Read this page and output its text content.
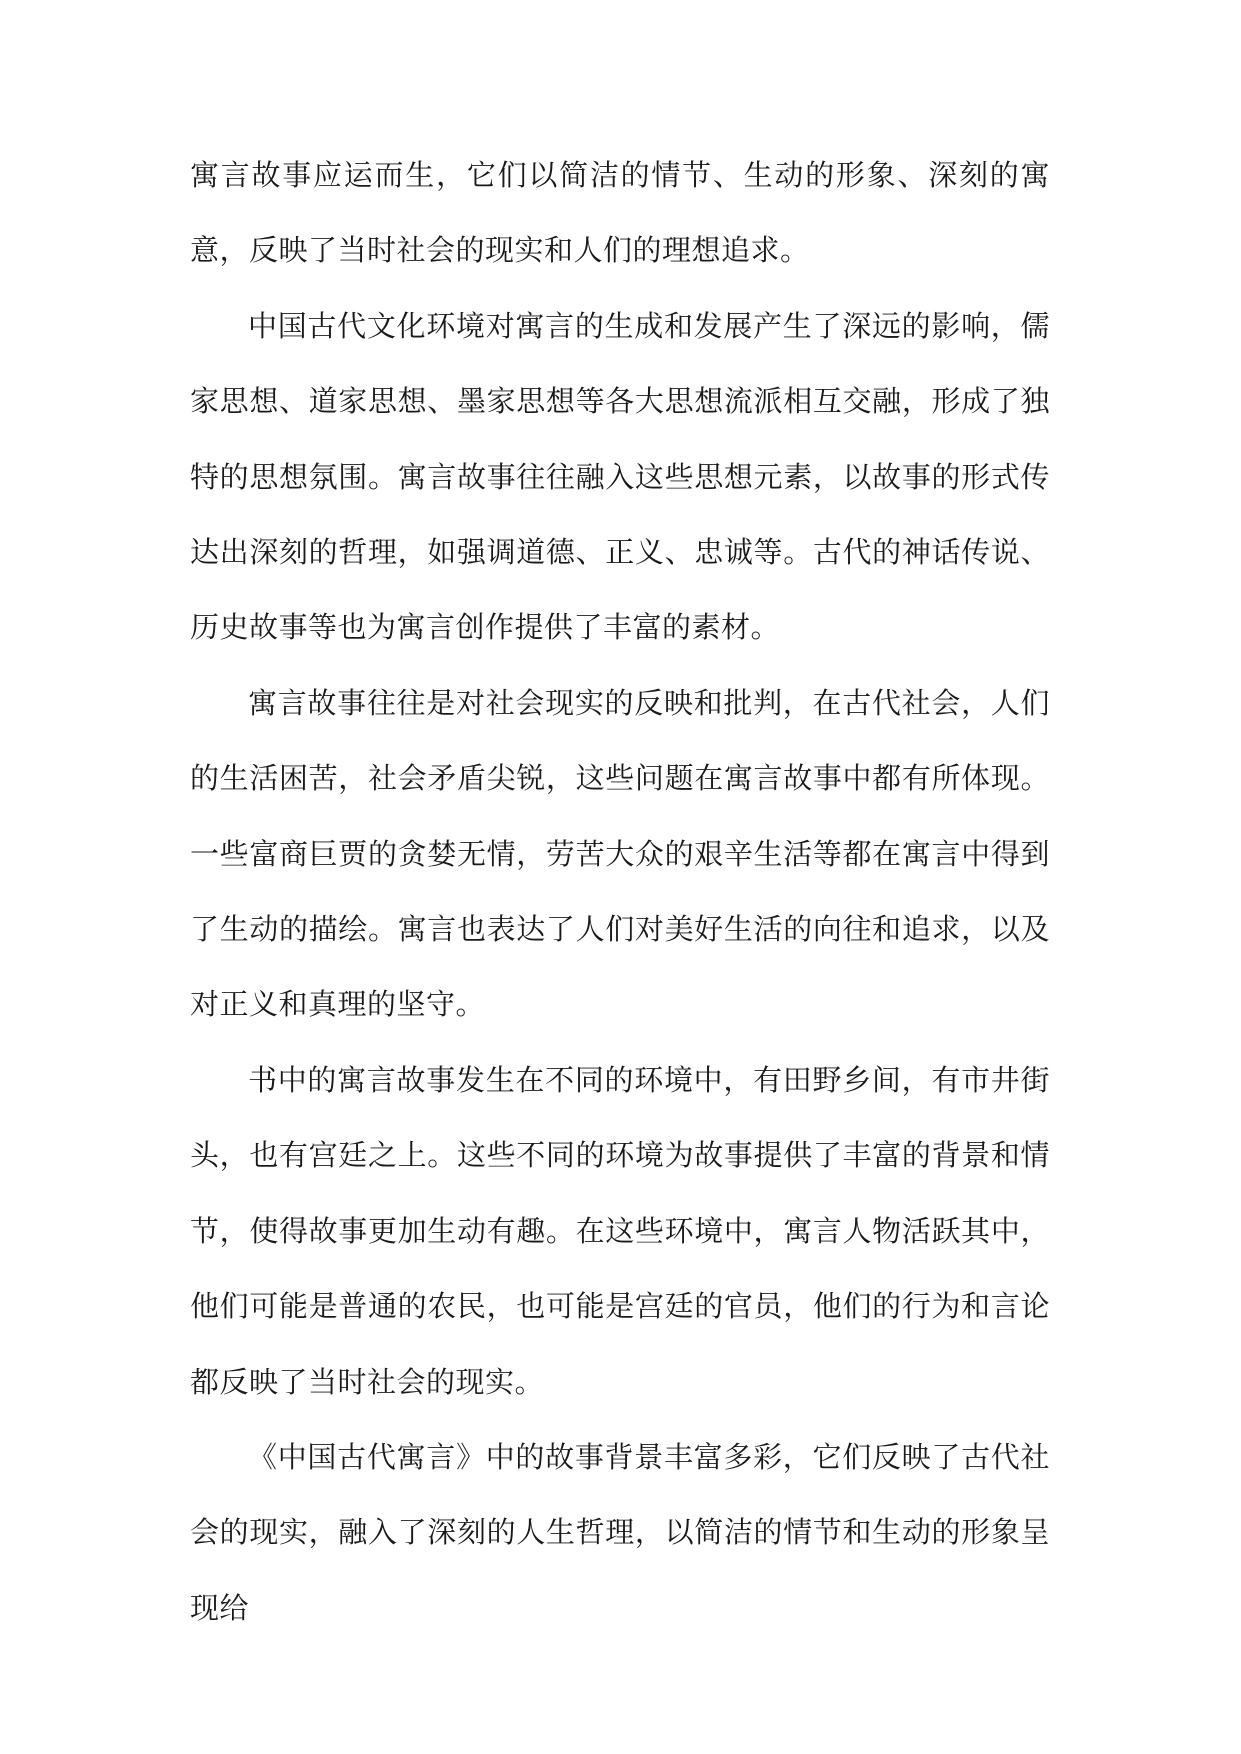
寓言故事应运而生，它们以简洁的情节、生动的形象、深刻的寓意，反映了当时社会的现实和人们的理想追求。

中国古代文化环境对寓言的生成和发展产生了深远的影响，儒家思想、道家思想、墨家思想等各大思想流派相互交融，形成了独特的思想氛围。寓言故事往往融入这些思想元素，以故事的形式传达出深刻的哲理，如强调道德、正义、忠诚等。古代的神话传说、历史故事等也为寓言创作提供了丰富的素材。

寓言故事往往是对社会现实的反映和批判，在古代社会，人们的生活困苦，社会矛盾尖锐，这些问题在寓言故事中都有所体现。一些富商巨贾的贪婪无情，劳苦大众的艰辛生活等都在寓言中得到了生动的描绘。寓言也表达了人们对美好生活的向往和追求，以及对正义和真理的坚守。

书中的寓言故事发生在不同的环境中，有田野乡间，有市井街头，也有宫廷之上。这些不同的环境为故事提供了丰富的背景和情节，使得故事更加生动有趣。在这些环境中，寓言人物活跃其中，他们可能是普通的农民，也可能是宫廷的官员，他们的行为和言论都反映了当时社会的现实。

《中国古代寓言》中的故事背景丰富多彩，它们反映了古代社会的现实，融入了深刻的人生哲理，以简洁的情节和生动的形象呈现给
